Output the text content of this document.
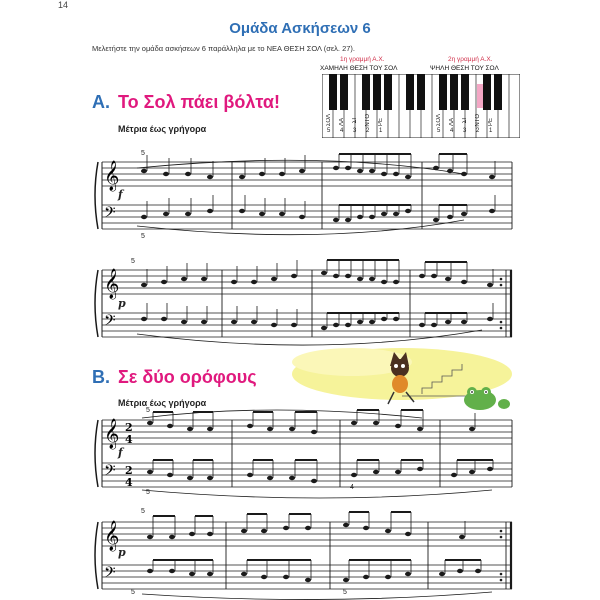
14
Ομάδα Ασκήσεων 6
Μελετήστε την ομάδα ασκήσεων 6 παράλληλα με το ΝΕΑ ΘΕΣΗ ΣΟΛ (σελ. 27).
1η γραμμή Α.Χ.
ΧΑΜΗΛΗ ΘΕΣΗ ΤΟΥ ΣΟΛ
2η γραμμή Α.Χ.
ΨΗΛΗ ΘΕΣΗ ΤΟΥ ΣΟΛ
ΣΟΛ ΛΑ ΣΙ ΝΤΟ ΡΕ
5 4 3 2 1
ΣΟΛ ΛΑ ΣΙ ΝΤΟ ΡΕ
5 4 3 2 1
Α. Το Σολ πάει βόλτα!
Μέτρια έως γρήγορα
𝄞
𝄢
5
5
f
𝄞
𝄢
5
p
Β. Σε δύο ορόφους
Μέτρια έως γρήγορα
𝄞
𝄢
2
4
2
4
5
5
4
f
𝄞
𝄢
5
5	5
p
